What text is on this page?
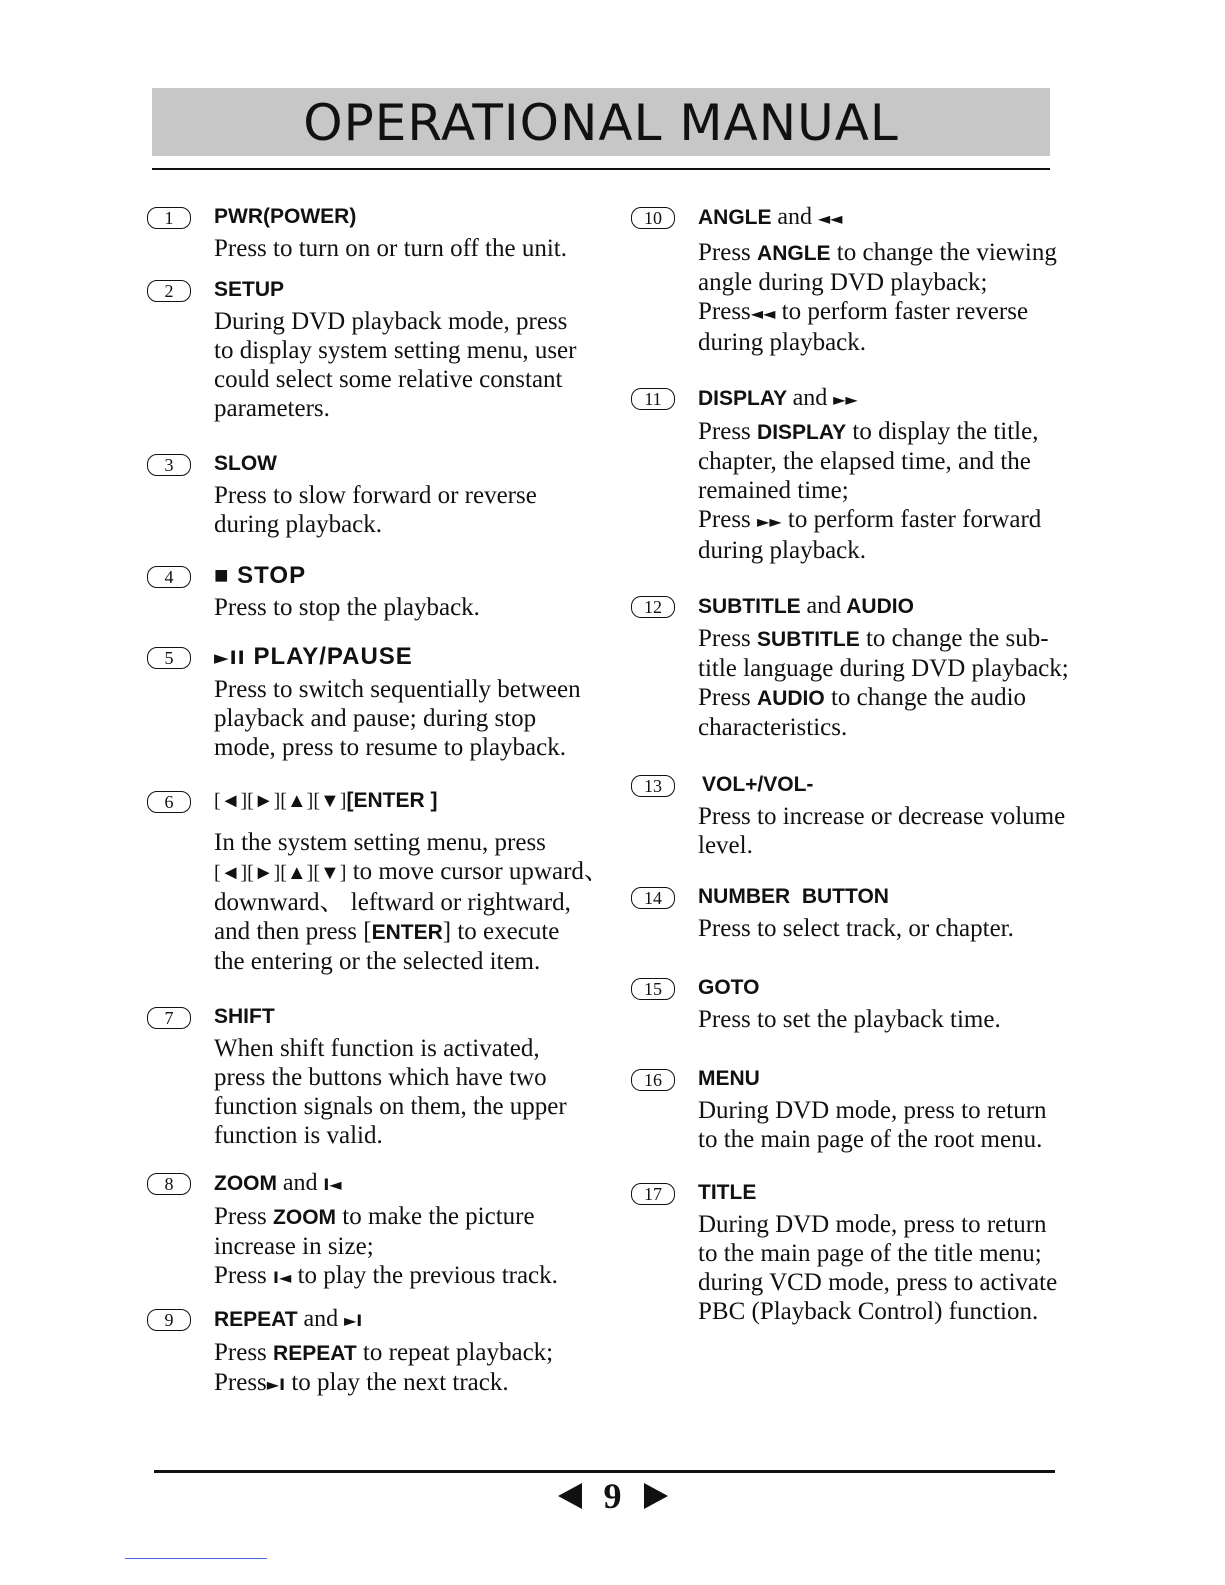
OPERATIONAL MANUAL
1	PWR(POWER)
Press to turn on or turn off the unit.
2	SETUP
During DVD playback mode, press
to display system setting menu, user
could select some relative constant
parameters.
3	SLOW
Press to slow forward or reverse
during playback.
4	■ STOP
Press to stop the playback.
5	►II PLAY/PAUSE
Press to switch sequentially between
playback and pause; during stop
mode, press to resume to playback.
6	[◄][►][▲][▼][ENTER ]
In the system setting menu, press
[◄][►][▲][▼] to move cursor upward、
downward、 leftward or rightward,
and then press [ENTER] to execute
the entering or the selected item.
7	SHIFT
When shift function is activated,
press the buttons which have two
function signals on them, the upper
function is valid.
8	ZOOM and I◄
Press ZOOM to make the picture
increase in size;
Press I◄ to play the previous track.
9	REPEAT and ►I
Press REPEAT to repeat playback;
Press►I to play the next track.
10	ANGLE and ◄◄
Press ANGLE to change the viewing
angle during DVD playback;
Press◄◄ to perform faster reverse
during playback.
11	DISPLAY and ►►
Press DISPLAY to display the title,
chapter, the elapsed time, and the
remained time;
Press ►► to perform faster forward
during playback.
12	SUBTITLE and AUDIO
Press SUBTITLE to change the sub-
title language during DVD playback;
Press AUDIO to change the audio
characteristics.
13	VOL+/VOL-
Press to increase or decrease volume
level.
14	NUMBER  BUTTON
Press to select track, or chapter.
15	GOTO
Press to set the playback time.
16	MENU
During DVD mode, press to return
to the main page of the root menu.
17	TITLE
During DVD mode, press to return
to the main page of the title menu;
during VCD mode, press to activate
PBC (Playback Control) function.
9
